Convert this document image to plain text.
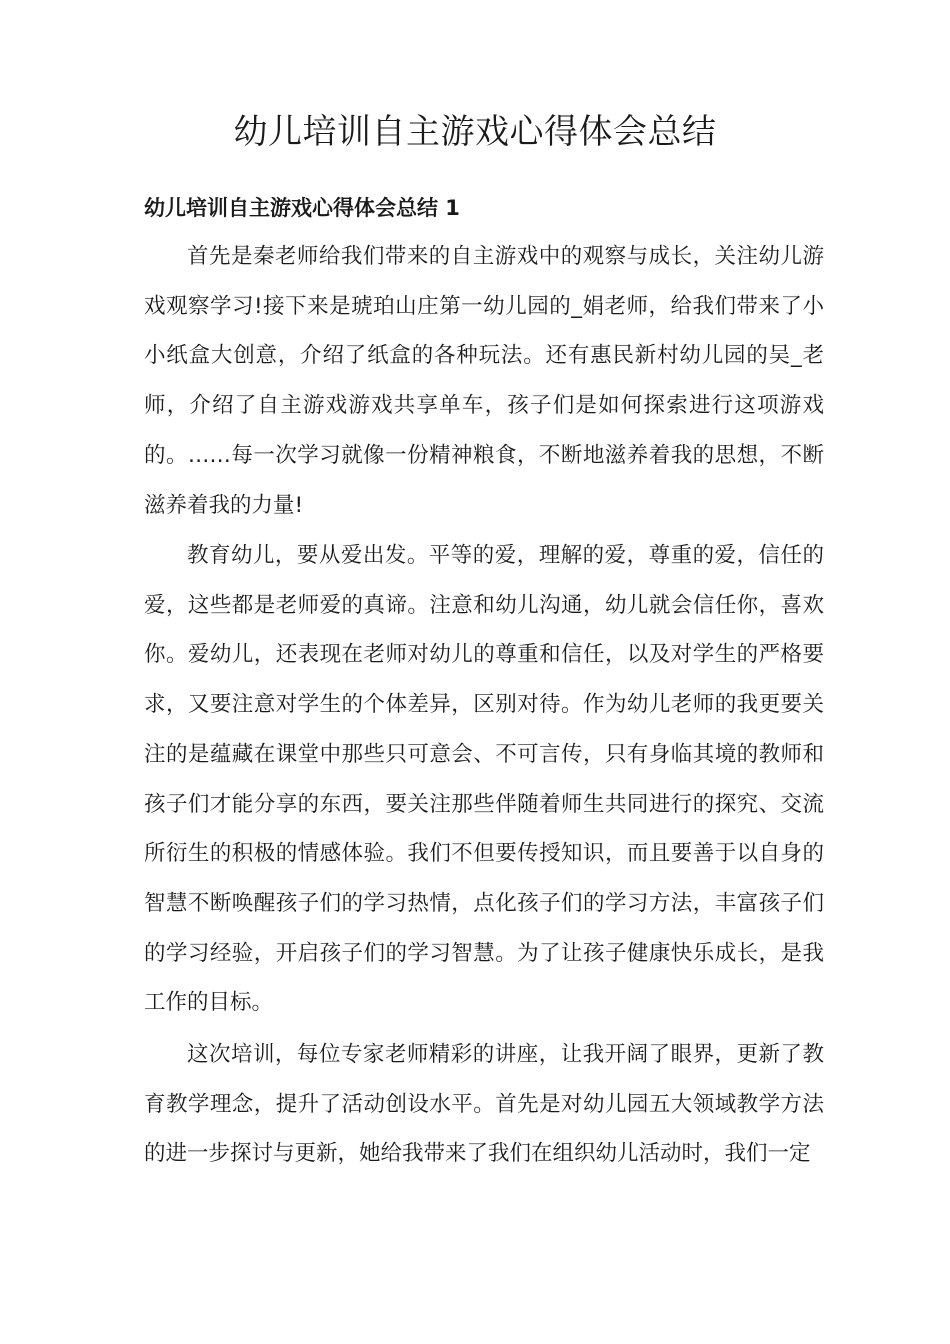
幼儿培训自主游戏心得体会总结
幼儿培训自主游戏心得体会总结 1

首先是秦老师给我们带来的自主游戏中的观察与成长，关注幼儿游戏观察学习!接下来是琥珀山庄第一幼儿园的_娟老师，给我们带来了小小纸盒大创意，介绍了纸盒的各种玩法。还有惠民新村幼儿园的吴_老师，介绍了自主游戏游戏共享单车，孩子们是如何探索进行这项游戏的。……每一次学习就像一份精神粮食，不断地滋养着我的思想，不断滋养着我的力量!

教育幼儿，要从爱出发。平等的爱，理解的爱，尊重的爱，信任的爱，这些都是老师爱的真谛。注意和幼儿沟通，幼儿就会信任你，喜欢你。爱幼儿，还表现在老师对幼儿的尊重和信任，以及对学生的严格要求，又要注意对学生的个体差异，区别对待。作为幼儿老师的我更要关注的是蕴藏在课堂中那些只可意会、不可言传，只有身临其境的教师和孩子们才能分享的东西，要关注那些伴随着师生共同进行的探究、交流所衍生的积极的情感体验。我们不但要传授知识，而且要善于以自身的智慧不断唤醒孩子们的学习热情，点化孩子们的学习方法，丰富孩子们的学习经验，开启孩子们的学习智慧。为了让孩子健康快乐成长，是我工作的目标。

这次培训，每位专家老师精彩的讲座，让我开阔了眼界，更新了教育教学理念，提升了活动创设水平。首先是对幼儿园五大领域教学方法的进一步探讨与更新，她给我带来了我们在组织幼儿活动时，我们一定
